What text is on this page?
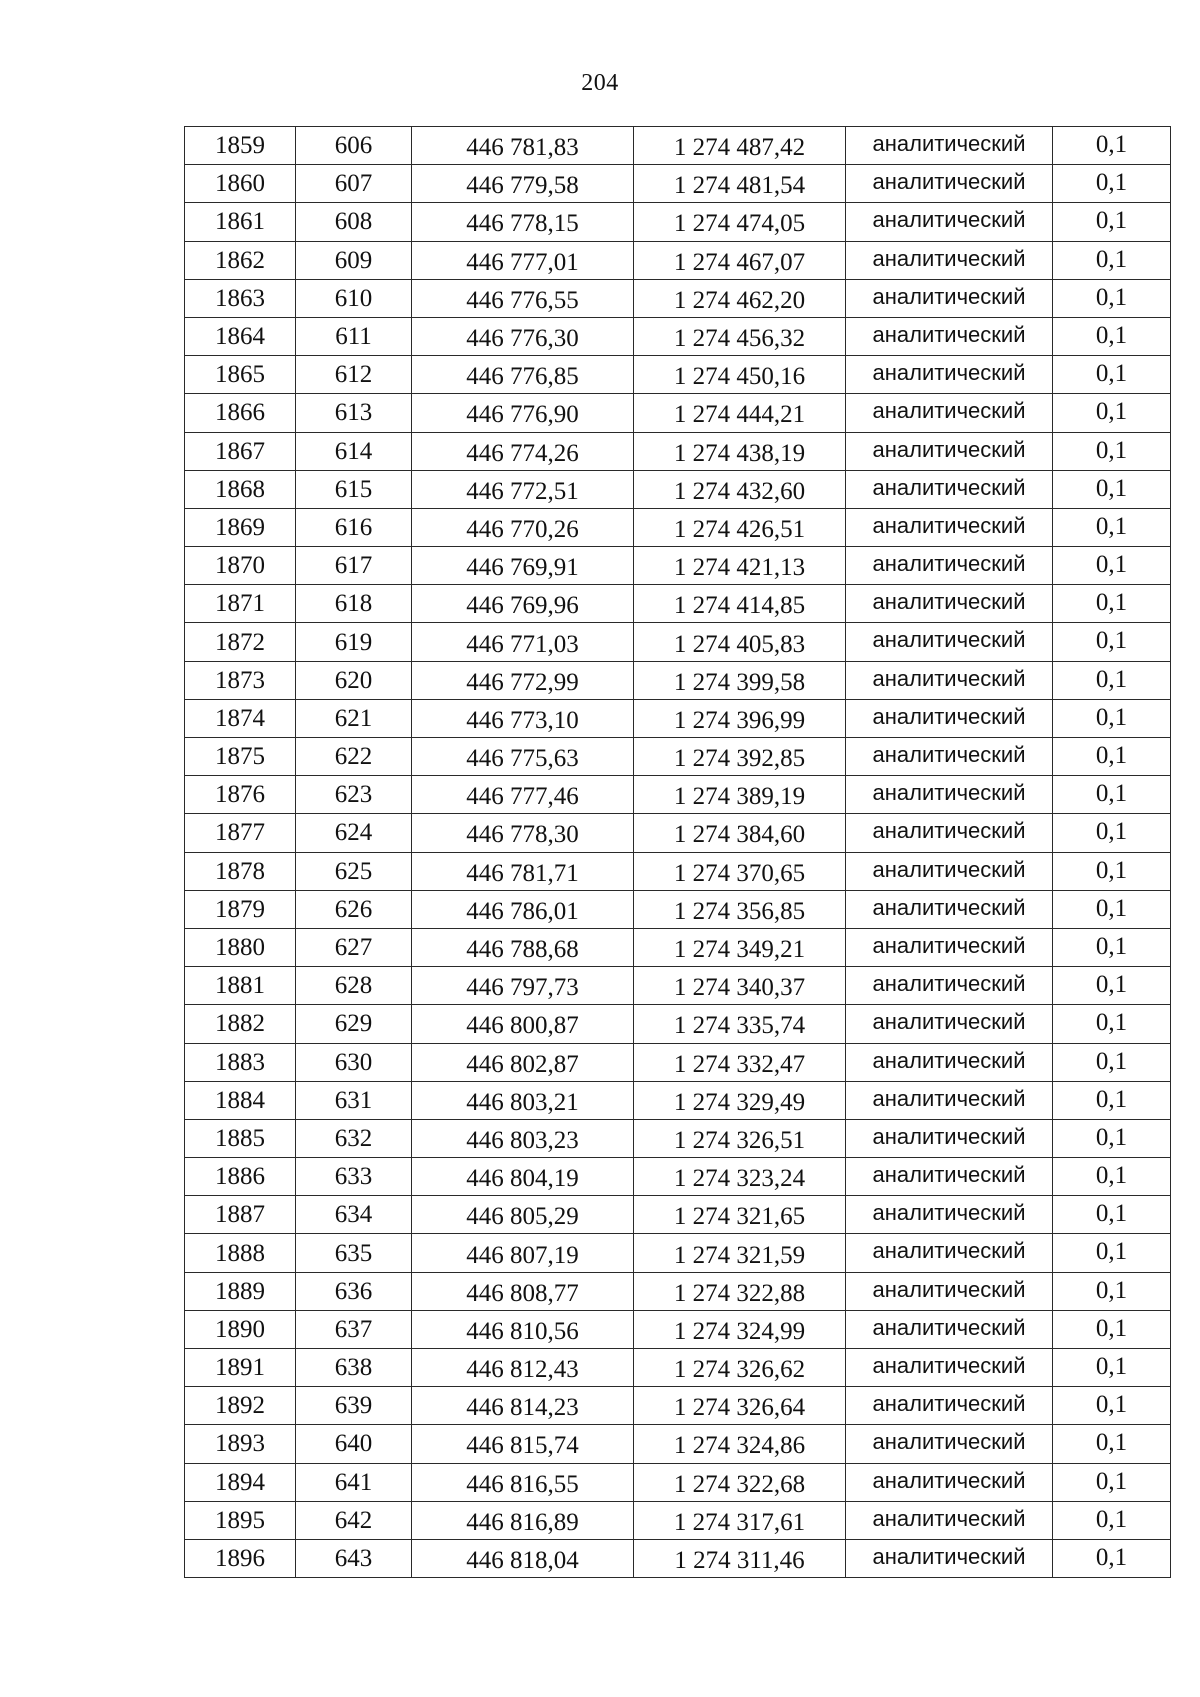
204
1859	606	446 781,83	1 274 487,42	аналитический	0,1
1860	607	446 779,58	1 274 481,54	аналитический	0,1
1861	608	446 778,15	1 274 474,05	аналитический	0,1
1862	609	446 777,01	1 274 467,07	аналитический	0,1
1863	610	446 776,55	1 274 462,20	аналитический	0,1
1864	611	446 776,30	1 274 456,32	аналитический	0,1
1865	612	446 776,85	1 274 450,16	аналитический	0,1
1866	613	446 776,90	1 274 444,21	аналитический	0,1
1867	614	446 774,26	1 274 438,19	аналитический	0,1
1868	615	446 772,51	1 274 432,60	аналитический	0,1
1869	616	446 770,26	1 274 426,51	аналитический	0,1
1870	617	446 769,91	1 274 421,13	аналитический	0,1
1871	618	446 769,96	1 274 414,85	аналитический	0,1
1872	619	446 771,03	1 274 405,83	аналитический	0,1
1873	620	446 772,99	1 274 399,58	аналитический	0,1
1874	621	446 773,10	1 274 396,99	аналитический	0,1
1875	622	446 775,63	1 274 392,85	аналитический	0,1
1876	623	446 777,46	1 274 389,19	аналитический	0,1
1877	624	446 778,30	1 274 384,60	аналитический	0,1
1878	625	446 781,71	1 274 370,65	аналитический	0,1
1879	626	446 786,01	1 274 356,85	аналитический	0,1
1880	627	446 788,68	1 274 349,21	аналитический	0,1
1881	628	446 797,73	1 274 340,37	аналитический	0,1
1882	629	446 800,87	1 274 335,74	аналитический	0,1
1883	630	446 802,87	1 274 332,47	аналитический	0,1
1884	631	446 803,21	1 274 329,49	аналитический	0,1
1885	632	446 803,23	1 274 326,51	аналитический	0,1
1886	633	446 804,19	1 274 323,24	аналитический	0,1
1887	634	446 805,29	1 274 321,65	аналитический	0,1
1888	635	446 807,19	1 274 321,59	аналитический	0,1
1889	636	446 808,77	1 274 322,88	аналитический	0,1
1890	637	446 810,56	1 274 324,99	аналитический	0,1
1891	638	446 812,43	1 274 326,62	аналитический	0,1
1892	639	446 814,23	1 274 326,64	аналитический	0,1
1893	640	446 815,74	1 274 324,86	аналитический	0,1
1894	641	446 816,55	1 274 322,68	аналитический	0,1
1895	642	446 816,89	1 274 317,61	аналитический	0,1
1896	643	446 818,04	1 274 311,46	аналитический	0,1
